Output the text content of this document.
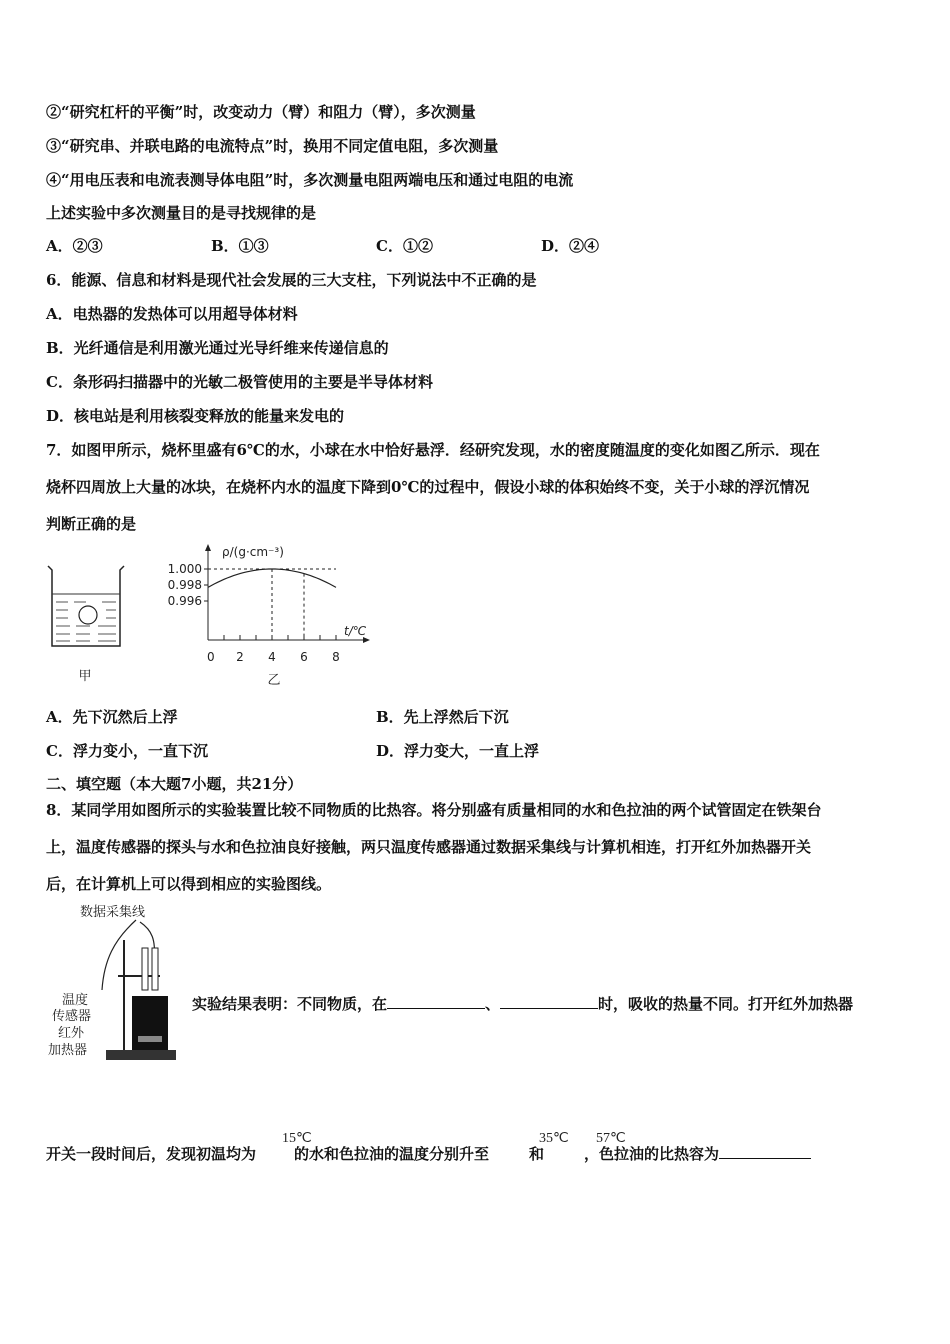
②“研究杠杆的平衡”时，改变动力（臂）和阻力（臂），多次测量
③“研究串、并联电路的电流特点”时，换用不同定值电阻，多次测量
④“用电压表和电流表测导体电阻”时，多次测量电阻两端电压和通过电阻的电流
上述实验中多次测量目的是寻找规律的是
A．②③	B．①③	C．①②	D．②④
6．能源、信息和材料是现代社会发展的三大支柱，下列说法中不正确的是
A．电热器的发热体可以用超导体材料
B．光纤通信是利用激光通过光导纤维来传递信息的
C．条形码扫描器中的光敏二极管使用的主要是半导体材料
D．核电站是利用核裂变释放的能量来发电的
7．如图甲所示，烧杯里盛有6℃的水，小球在水中恰好悬浮．经研究发现，水的密度随温度的变化如图乙所示．现在
烧杯四周放上大量的冰块，在烧杯内水的温度下降到0℃的过程中，假设小球的体积始终不变，关于小球的浮沉情况
判断正确的是
甲
ρ/(g·cm⁻³)
t/℃
0 2 4 6 8
1.000
0.998
0.996
乙
A．先下沉然后上浮	B．先上浮然后下沉
C．浮力变小，一直下沉	D．浮力变大，一直上浮
二、填空题（本大题7小题，共21分）
8．某同学用如图所示的实验装置比较不同物质的比热容。将分别盛有质量相同的水和色拉油的两个试管固定在铁架台
上，温度传感器的探头与水和色拉油良好接触，两只温度传感器通过数据采集线与计算机相连，打开红外加热器开关
后，在计算机上可以得到相应的实验图线。
数据采集线
温度
传感器
红外
加热器
实验结果表明：不同物质，在	、	时，吸收的热量不同。打开红外加热器
开关一段时间后，发现初温均为	的水和色拉油的温度分别升至	和	，色拉油的比热容为
15℃	35℃ 57℃
